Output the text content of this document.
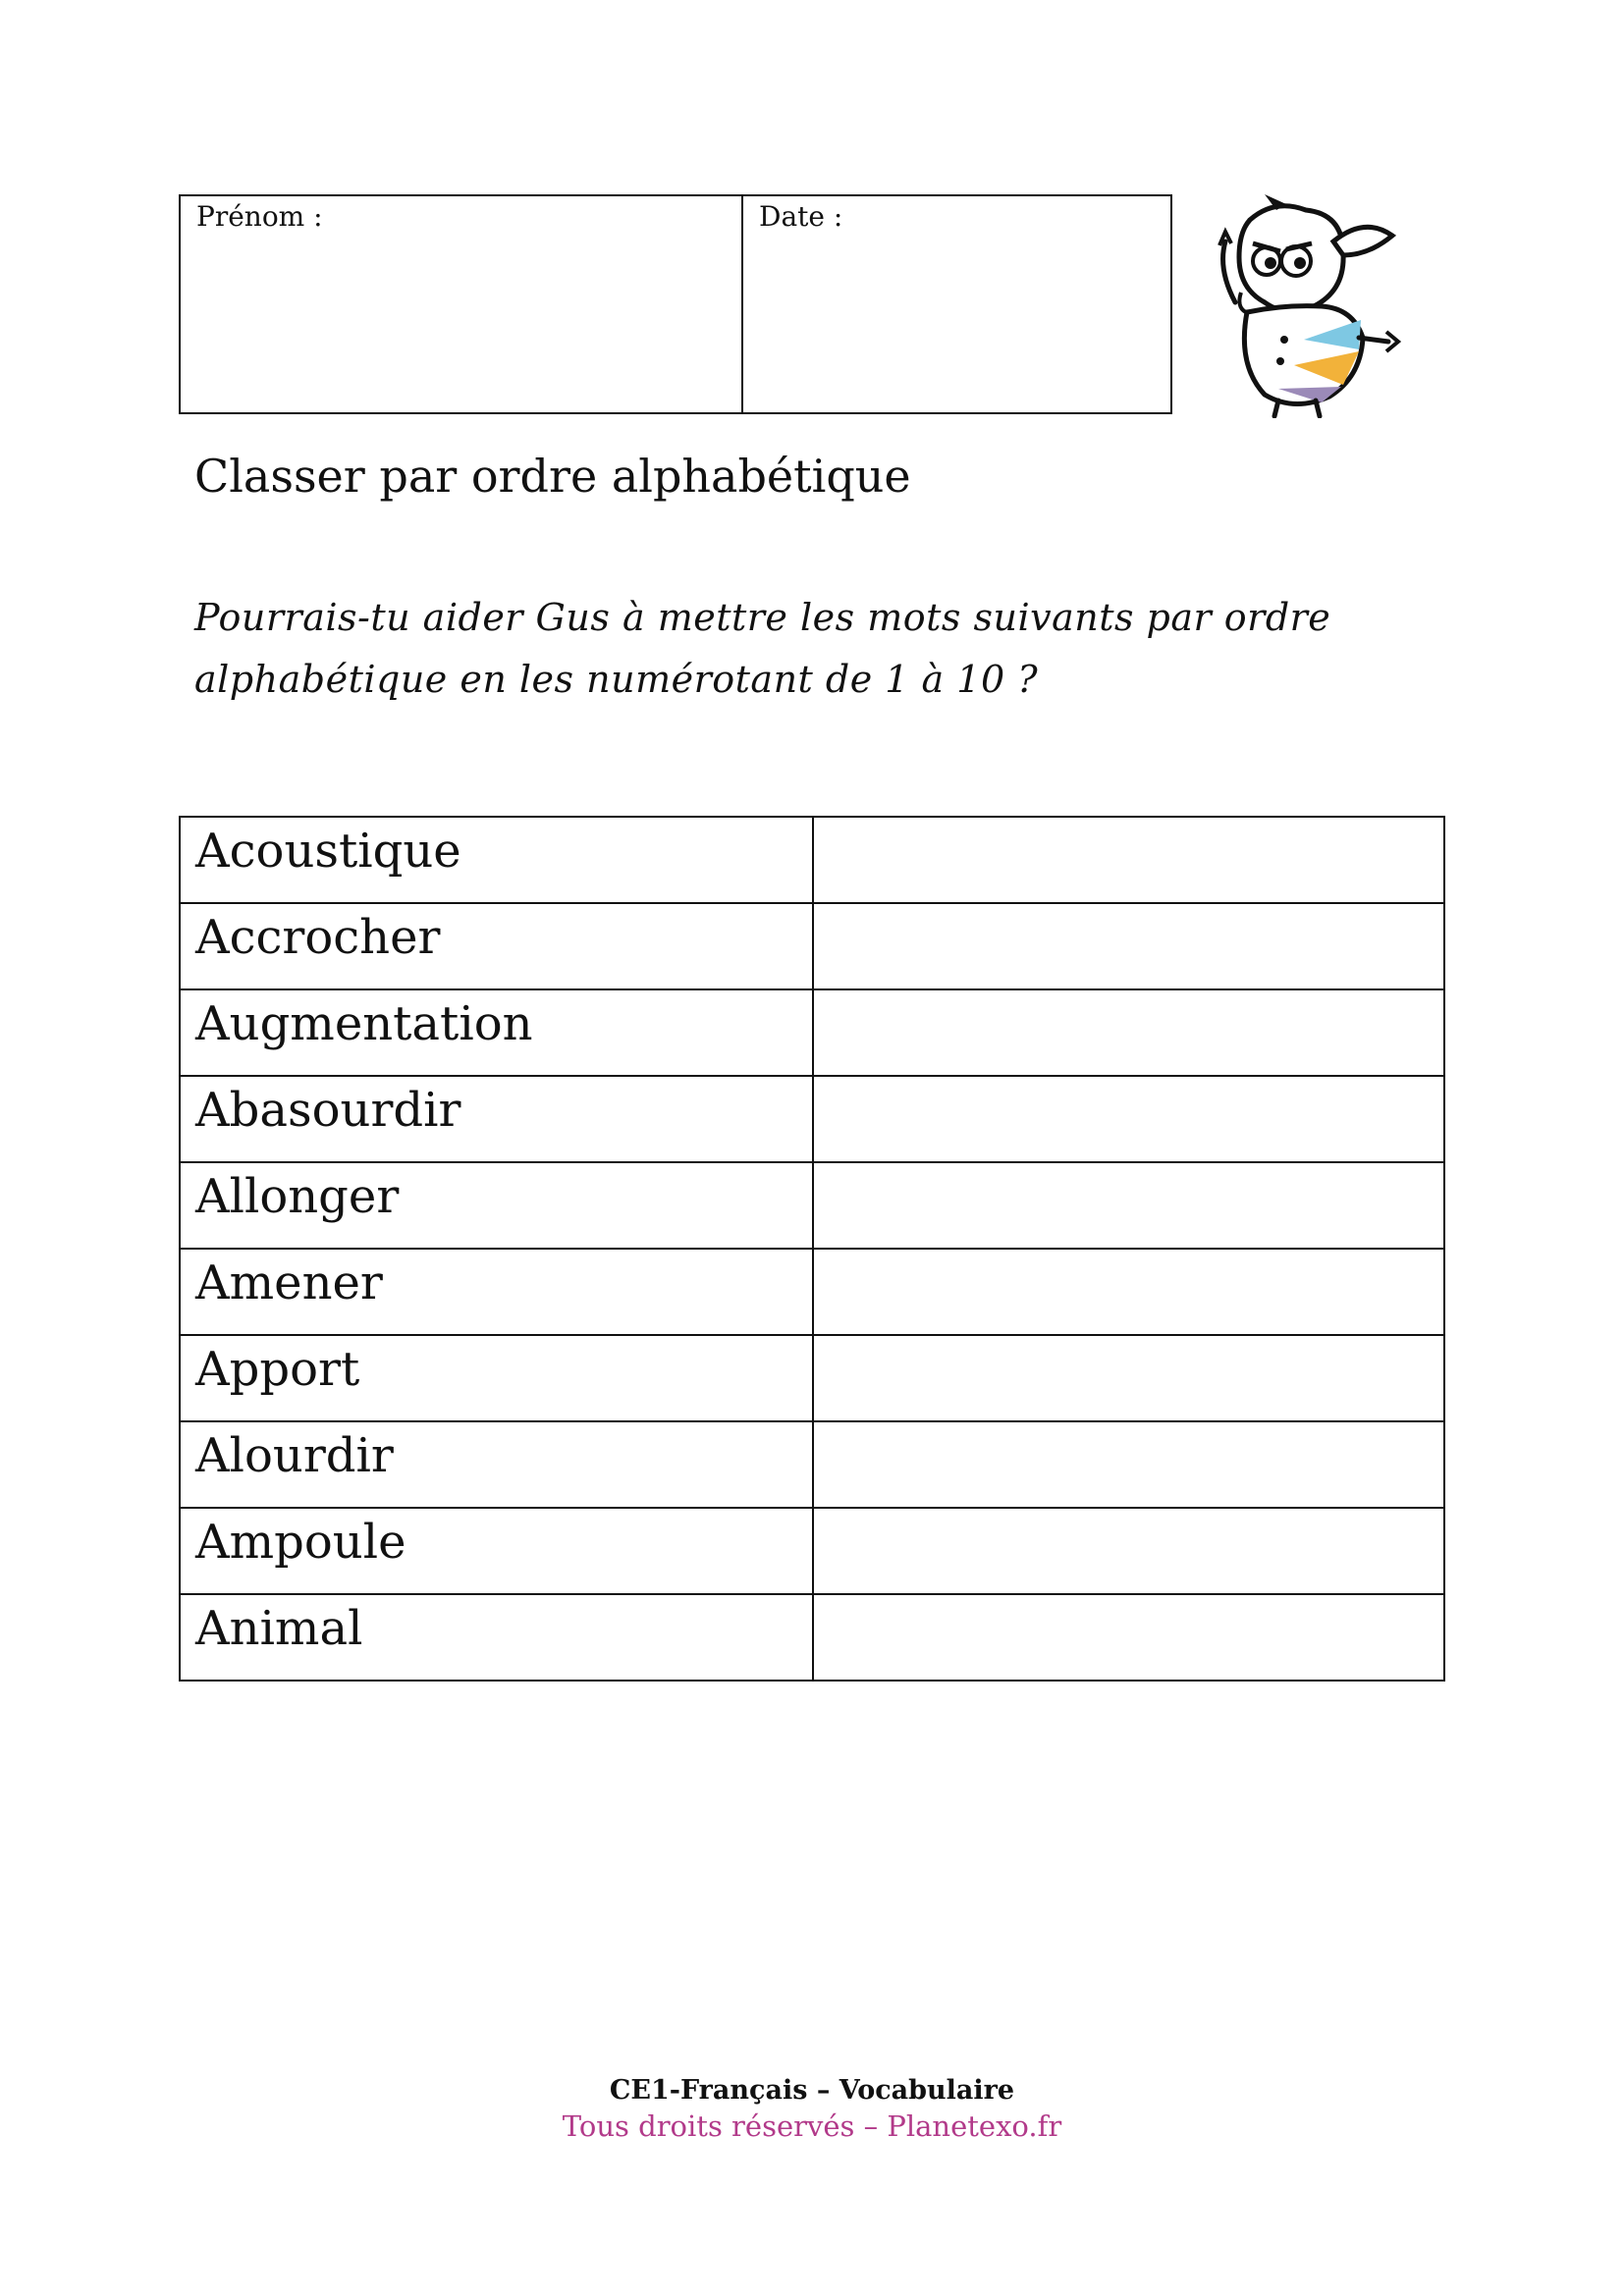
Prénom :	Date :
Classer par ordre alphabétique
Pourrais-tu aider Gus à mettre les mots suivants par ordre
alphabétique en les numérotant de 1 à 10 ?
Acoustique	
Accrocher	
Augmentation	
Abasourdir	
Allonger	
Amener	
Apport	
Alourdir	
Ampoule	
Animal	
CE1-Français – Vocabulaire
Tous droits réservés – Planetexo.fr
